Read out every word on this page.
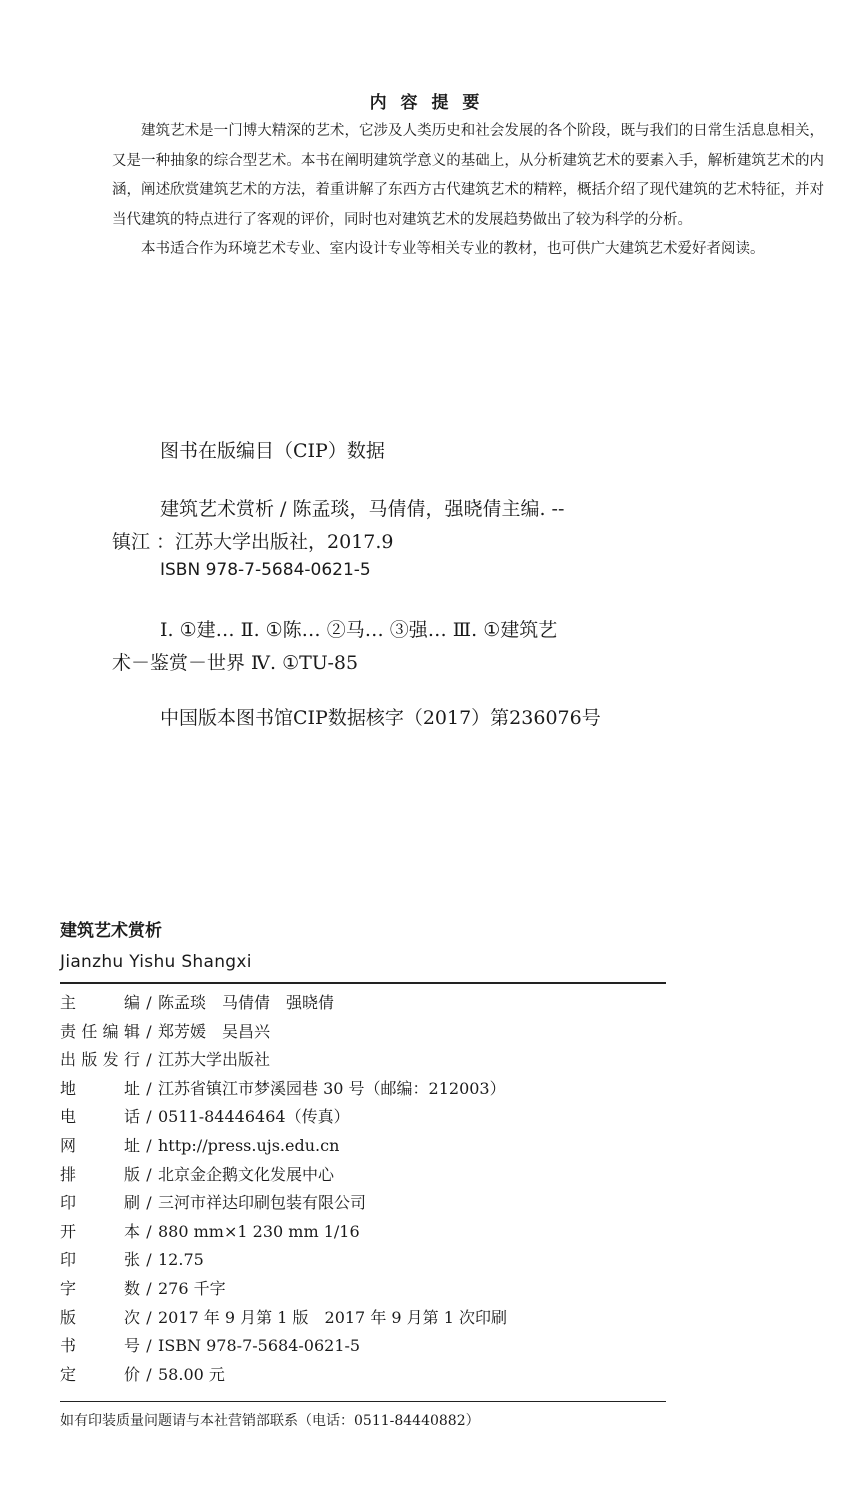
内 容 提 要

建筑艺术是一门博大精深的艺术，它涉及人类历史和社会发展的各个阶段，既与我们的日常生活息息相关，又是一种抽象的综合型艺术。本书在阐明建筑学意义的基础上，从分析建筑艺术的要素入手，解析建筑艺术的内涵，阐述欣赏建筑艺术的方法，着重讲解了东西方古代建筑艺术的精粹，概括介绍了现代建筑的艺术特征，并对当代建筑的特点进行了客观的评价，同时也对建筑艺术的发展趋势做出了较为科学的分析。

本书适合作为环境艺术专业、室内设计专业等相关专业的教材，也可供广大建筑艺术爱好者阅读。

图书在版编目（CIP）数据
建筑艺术赏析 / 陈孟琰，马倩倩，强晓倩主编. --
镇江 ：江苏大学出版社，2017.9
ISBN 978-7-5684-0621-5
Ⅰ. ①建… Ⅱ. ①陈… ②马… ③强… Ⅲ. ①建筑艺
术－鉴赏－世界 Ⅳ. ①TU-85
中国版本图书馆CIP数据核字（2017）第236076号
建筑艺术赏析
Jianzhu Yishu Shangxi
主编 / 陈孟琰　马倩倩　强晓倩
责任编辑 / 郑芳媛　吴昌兴
出版发行 / 江苏大学出版社
地址 / 江苏省镇江市梦溪园巷 30 号（邮编：212003）
电话 / 0511-84446464（传真）
网址 / http://press.ujs.edu.cn
排版 / 北京金企鹅文化发展中心
印刷 / 三河市祥达印刷包装有限公司
开本 / 880 mm×1 230 mm 1/16
印张 / 12.75
字数 / 276 千字
版次 / 2017 年 9 月第 1 版　2017 年 9 月第 1 次印刷
书号 / ISBN 978-7-5684-0621-5
定价 / 58.00 元
如有印装质量问题请与本社营销部联系（电话：0511-84440882）
